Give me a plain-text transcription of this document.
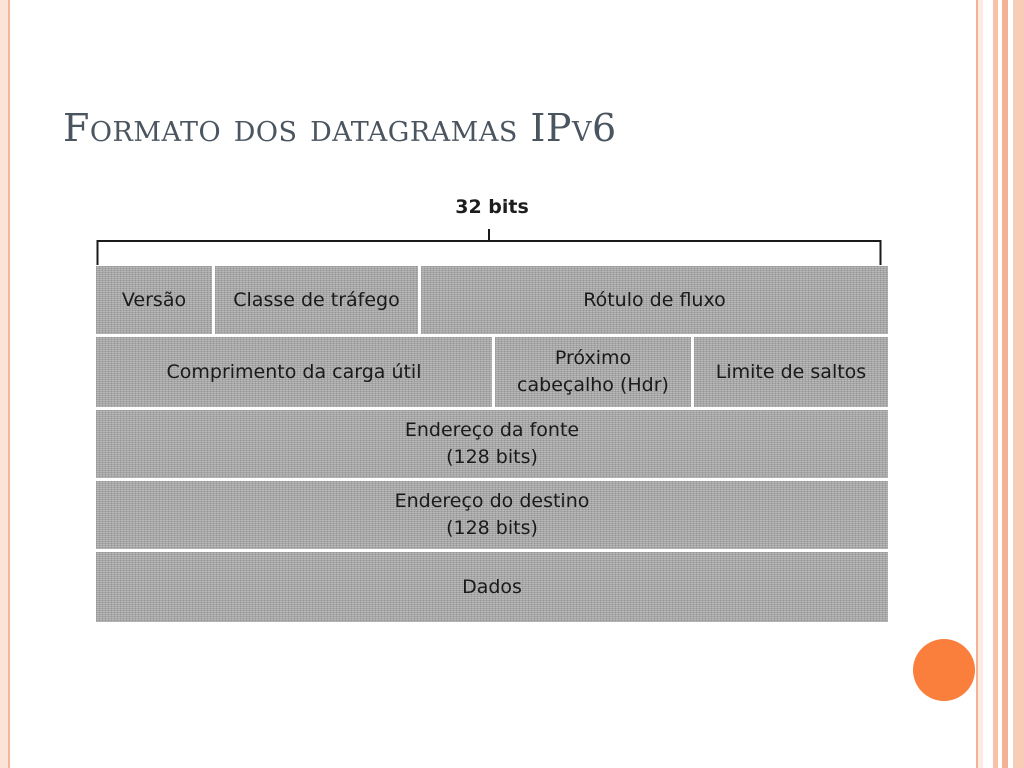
Formato dos datagramas IPv6
32 bits
Versão Classe de tráfego	Rótulo de fluxo
Comprimento da carga útil
Próximo
cabeçalho (Hdr)
Limite de saltos
Endereço da fonte
(128 bits)
Endereço do destino
(128 bits)
Dados
